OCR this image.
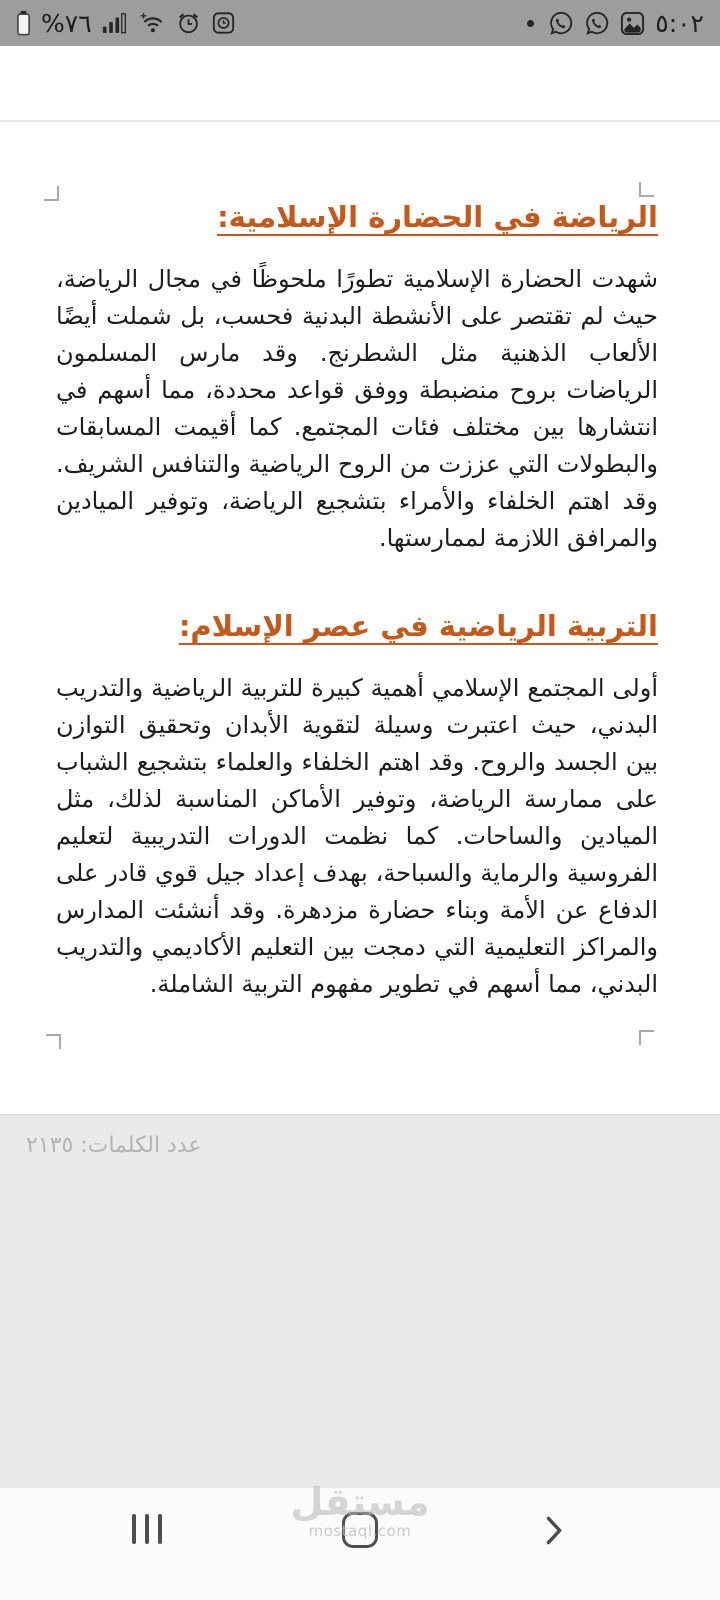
%٧٦	٥:٠٢
الرياضة في الحضارة الإسلامية:

شهدت الحضارة الإسلامية تطورًا ملحوظًا في مجال الرياضة، حيث لم تقتصر على الأنشطة البدنية فحسب، بل شملت أيضًا الألعاب الذهنية مثل الشطرنج. وقد مارس المسلمون الرياضات بروح منضبطة ووفق قواعد محددة، مما أسهم في انتشارها بين مختلف فئات المجتمع. كما أقيمت المسابقات والبطولات التي عززت من الروح الرياضية والتنافس الشريف. وقد اهتم الخلفاء والأمراء بتشجيع الرياضة، وتوفير الميادين والمرافق اللازمة لممارستها.

التربية الرياضية في عصر الإسلام:

أولى المجتمع الإسلامي أهمية كبيرة للتربية الرياضية والتدريب البدني، حيث اعتبرت وسيلة لتقوية الأبدان وتحقيق التوازن بين الجسد والروح. وقد اهتم الخلفاء والعلماء بتشجيع الشباب على ممارسة الرياضة، وتوفير الأماكن المناسبة لذلك، مثل الميادين والساحات. كما نظمت الدورات التدريبية لتعليم الفروسية والرماية والسباحة، بهدف إعداد جيل قوي قادر على الدفاع عن الأمة وبناء حضارة مزدهرة. وقد أنشئت المدارس والمراكز التعليمية التي دمجت بين التعليم الأكاديمي والتدريب البدني، مما أسهم في تطوير مفهوم التربية الشاملة.

عدد الكلمات: ٢١٣٥
مستقل
mostaql.com
